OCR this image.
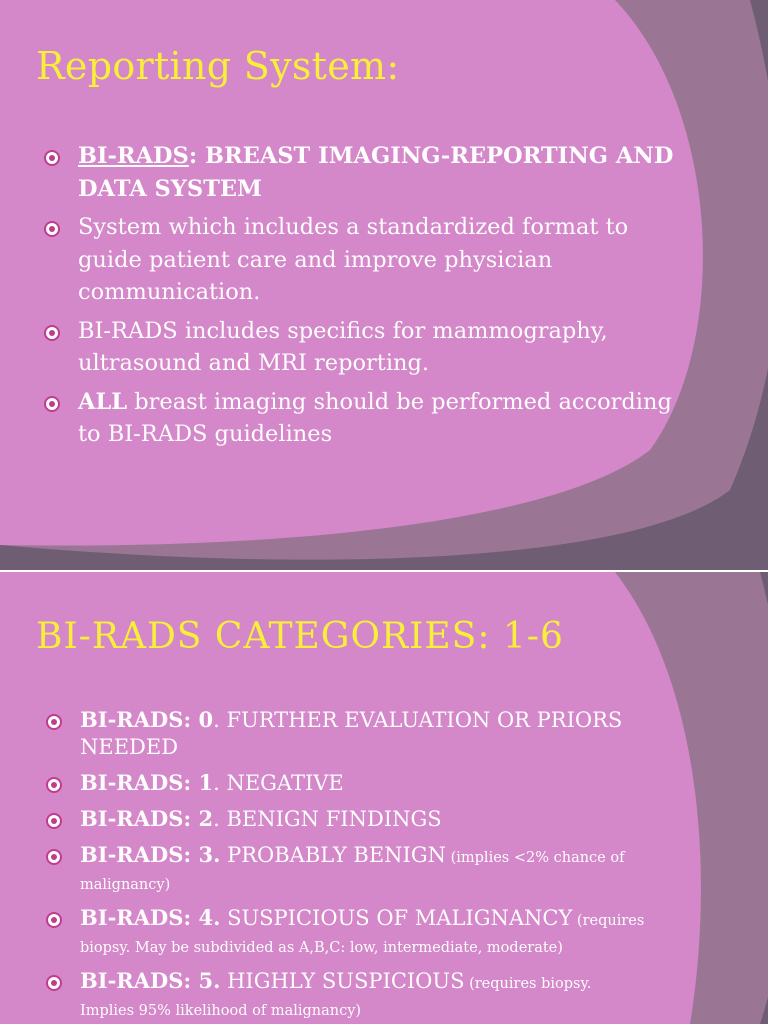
Reporting System:
BI-RADS: BREAST IMAGING-REPORTING AND DATA SYSTEM
System which includes a standardized format to guide patient care and improve physician communication.
BI-RADS includes specifics for mammography, ultrasound and MRI reporting.
ALL breast imaging should be performed according to BI-RADS guidelines
BI-RADS CATEGORIES: 1-6
BI-RADS: 0. FURTHER EVALUATION OR PRIORS NEEDED
BI-RADS: 1. NEGATIVE
BI-RADS: 2. BENIGN FINDINGS
BI-RADS: 3. PROBABLY BENIGN (implies <2% chance of malignancy)
BI-RADS: 4. SUSPICIOUS OF MALIGNANCY (requires biopsy. May be subdivided as A,B,C: low, intermediate, moderate)
BI-RADS: 5. HIGHLY SUSPICIOUS (requires biopsy. Implies 95% likelihood of malignancy)
